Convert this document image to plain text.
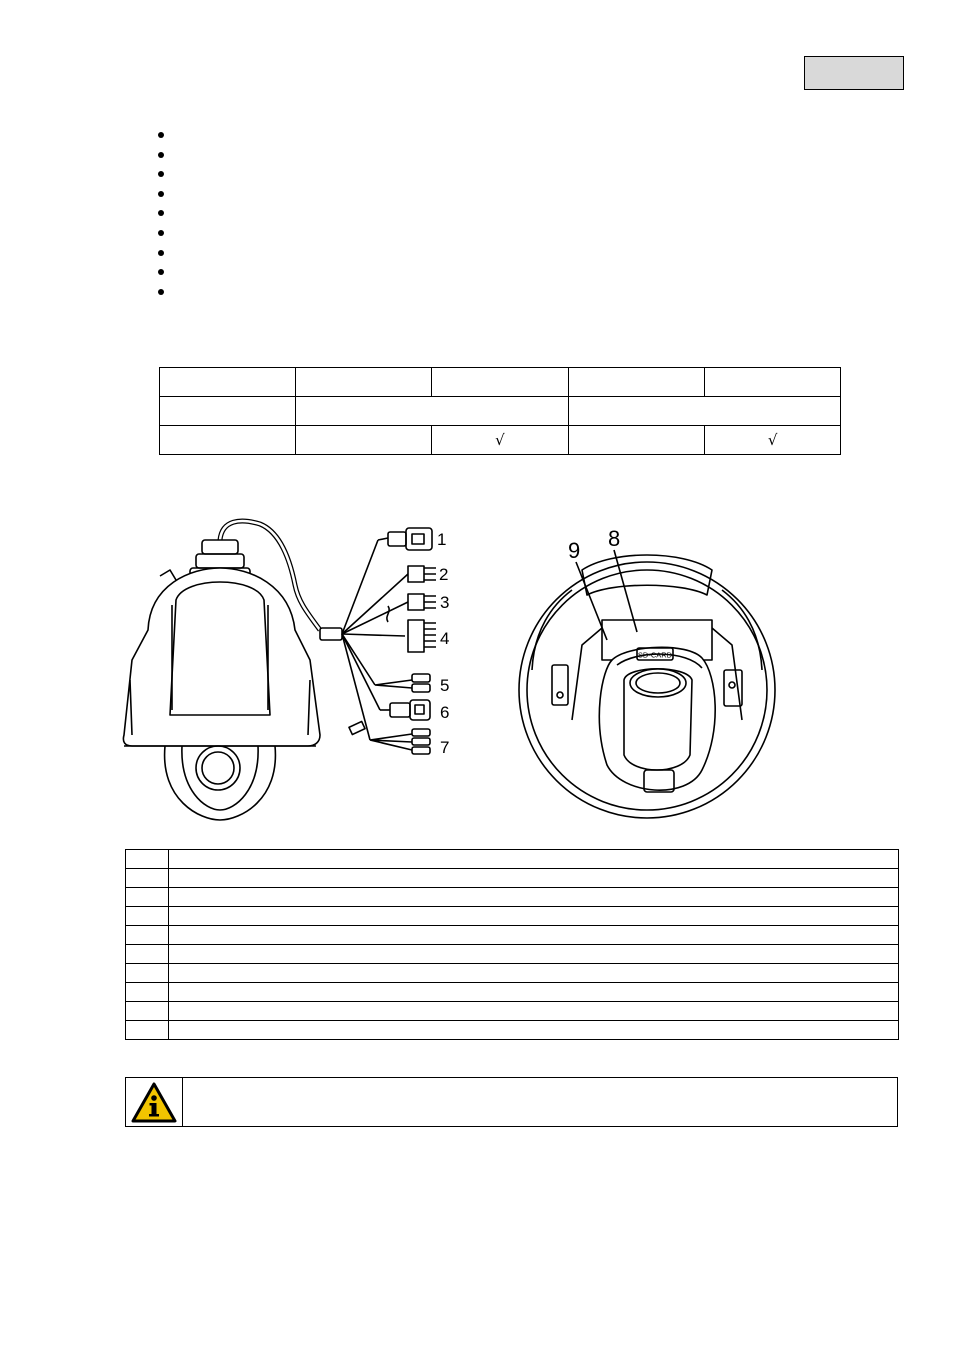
		√		√
1
2
3
4
5
6
7
SD-CARD
8
9
